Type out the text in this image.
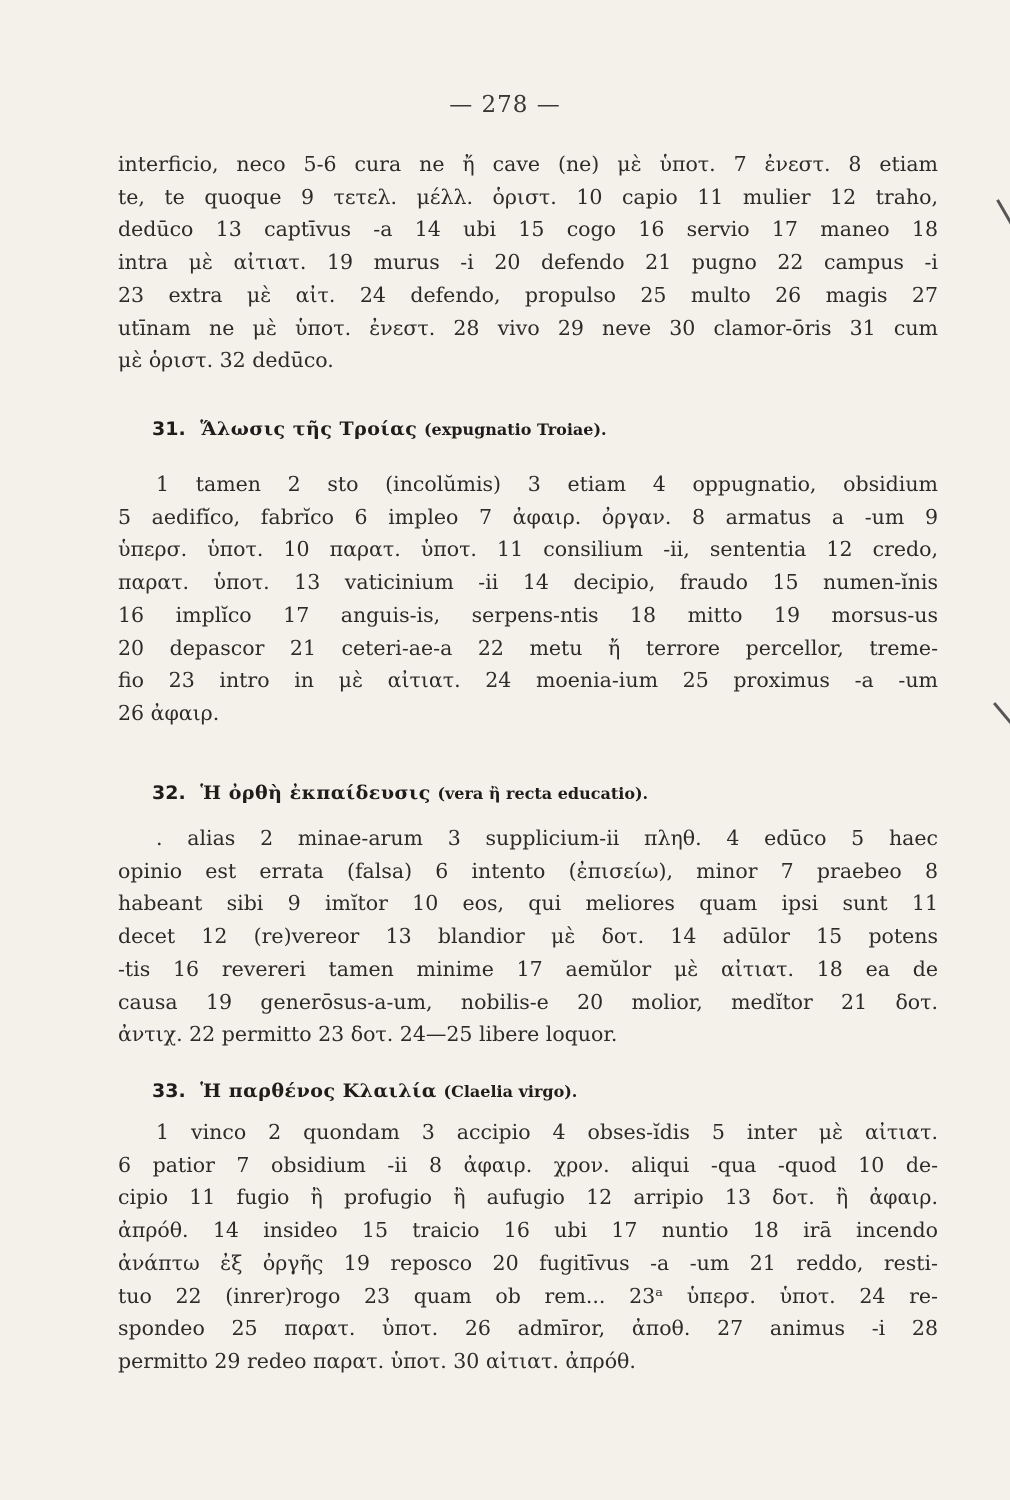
— 278 —
interficio, neco 5-6 cura ne ἤ cave (ne) μὲ ὑποτ. 7 ἐνεστ. 8 etiam
te, te quoque 9 τετελ. μέλλ. ὁριστ. 10 capio 11 mulier 12 traho,
dedūco 13 captīvus -a 14 ubi 15 cogo 16 servio 17 maneo 18
intra μὲ αἰτιατ. 19 murus -i 20 defendo 21 pugno 22 campus -i
23 extra μὲ αἰτ. 24 defendo, propulso 25 multo 26 magis 27
utīnam ne μὲ ὑποτ. ἐνεστ. 28 vivo 29 neve 30 clamor-ōris 31 cum
μὲ ὁριστ. 32 dedūco.
31. Ἅλωσις τῆς Τροίας (expugnatio Troiae).
1 tamen 2 sto (incolŭmis) 3 etiam 4 oppugnatio, obsidium
5 aedifĭco, fabrĭco 6 impleo 7 ἀφαιρ. ὀργαν. 8 armatus a -um 9
ὑπερσ. ὑποτ. 10 παρατ. ὑποτ. 11 consilium -ii, sententia 12 credo,
παρατ. ὑποτ. 13 vaticinium -ii 14 decipio, fraudo 15 numen-ĭnis
16 implĭco 17 anguis-is, serpens-ntis 18 mitto 19 morsus-us
20 depascor 21 ceteri-ae-a 22 metu ἤ terrore percellor, treme-
fio 23 intro in μὲ αἰτιατ. 24 moenia-ium 25 proximus -a -um
26 ἀφαιρ.
32. Ἡ ὀρθὴ ἐκπαίδευσις (vera ἢ recta educatio).
. alias 2 minae-arum 3 supplicium-ii πληθ. 4 edūco 5 haec
opinio est errata (falsa) 6 intento (ἐπισείω), minor 7 praebeo 8
habeant sibi 9 imĭtor 10 eos, qui meliores quam ipsi sunt 11
decet 12 (re)vereor 13 blandior μὲ δοτ. 14 adūlor 15 potens
-tis 16 revereri tamen minime 17 aemŭlor μὲ αἰτιατ. 18 ea de
causa 19 generōsus-a-um, nobilis-e 20 molior, medĭtor 21 δοτ.
ἀντιχ. 22 permitto 23 δοτ. 24—25 libere loquor.
33. Ἡ παρθένος Κλαιλία (Claelia virgo).
1 vinco 2 quondam 3 accipio 4 obses-ĭdis 5 inter μὲ αἰτιατ.
6 patior 7 obsidium -ii 8 ἀφαιρ. χρον. aliqui -qua -quod 10 de-
cipio 11 fugio ἢ profugio ἢ aufugio 12 arripio 13 δοτ. ἢ ἀφαιρ.
ἀπρόθ. 14 insideo 15 traicio 16 ubi 17 nuntio 18 irā incendo
ἀνάπτω ἐξ ὀργῆς 19 reposco 20 fugitīvus -a -um 21 reddo, resti-
tuo 22 (inrer)rogo 23 quam ob rem... 23ᵃ ὑπερσ. ὑποτ. 24 re-
spondeo 25 παρατ. ὑποτ. 26 admīror, ἀποθ. 27 animus -i 28
permitto 29 redeo παρατ. ὑποτ. 30 αἰτιατ. ἀπρόθ.
